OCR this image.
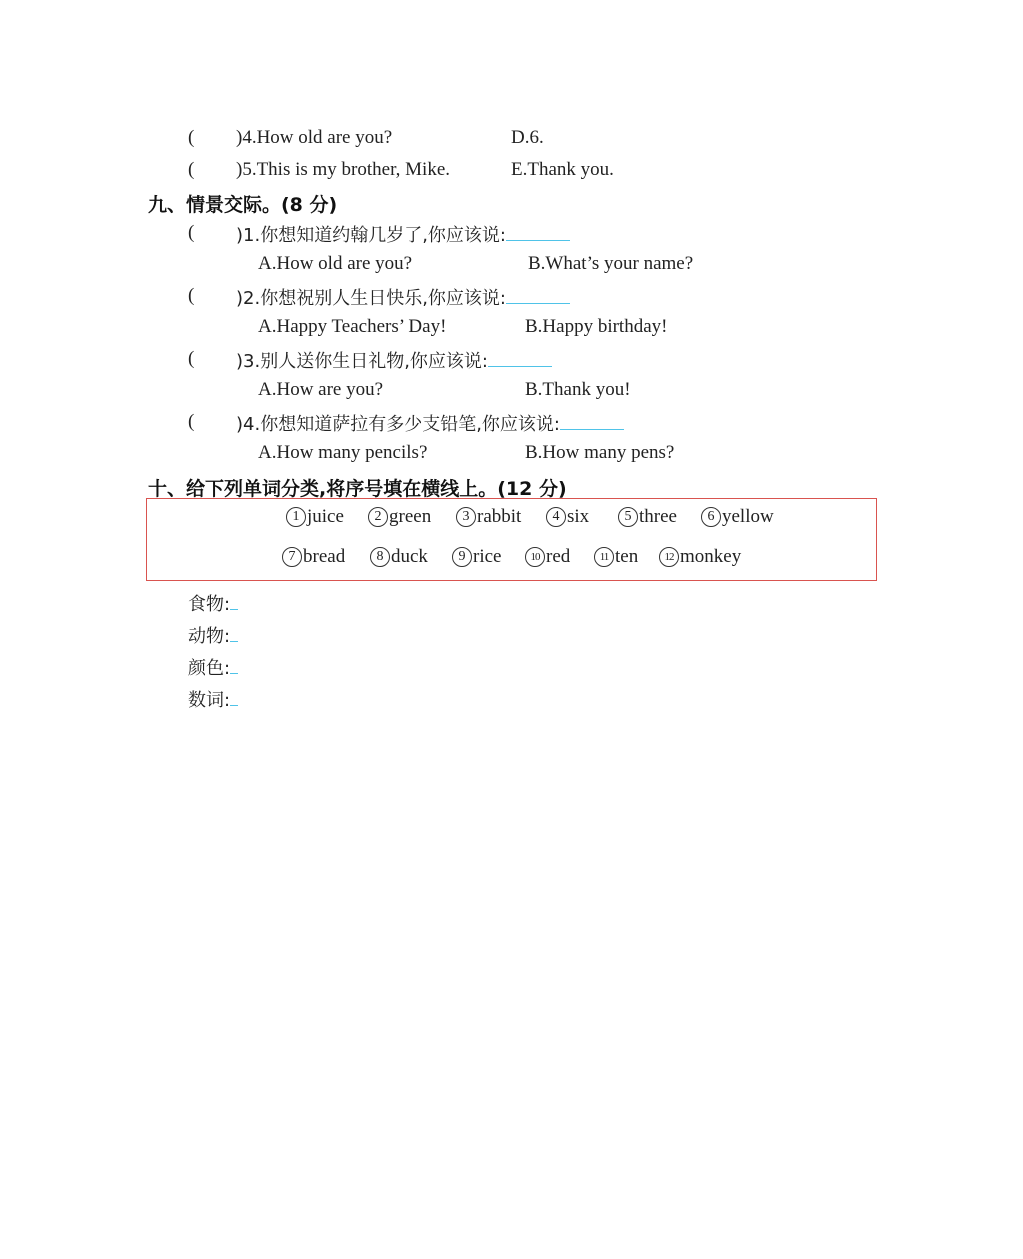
( )4.How old are you?	D.6.
( )5.This is my brother, Mike.	E.Thank you.
九、情景交际。(8 分)
( )1.你想知道约翰几岁了,你应该说:
A.How old are you?	B.What’s your name?
( )2.你想祝别人生日快乐,你应该说:
A.Happy Teachers’ Day!	B.Happy birthday!
( )3.别人送你生日礼物,你应该说:
A.How are you?	B.Thank you!
( )4.你想知道萨拉有多少支铅笔,你应该说:
A.How many pencils?	B.How many pens?
十、给下列单词分类,将序号填在横线上。(12 分)
1 juice	2 green	3 rabbit	4 six	5 three	6 yellow
7 bread	8 duck	9 rice	10 red	11 ten	12 monkey
食物:
动物:
颜色:
数词:
